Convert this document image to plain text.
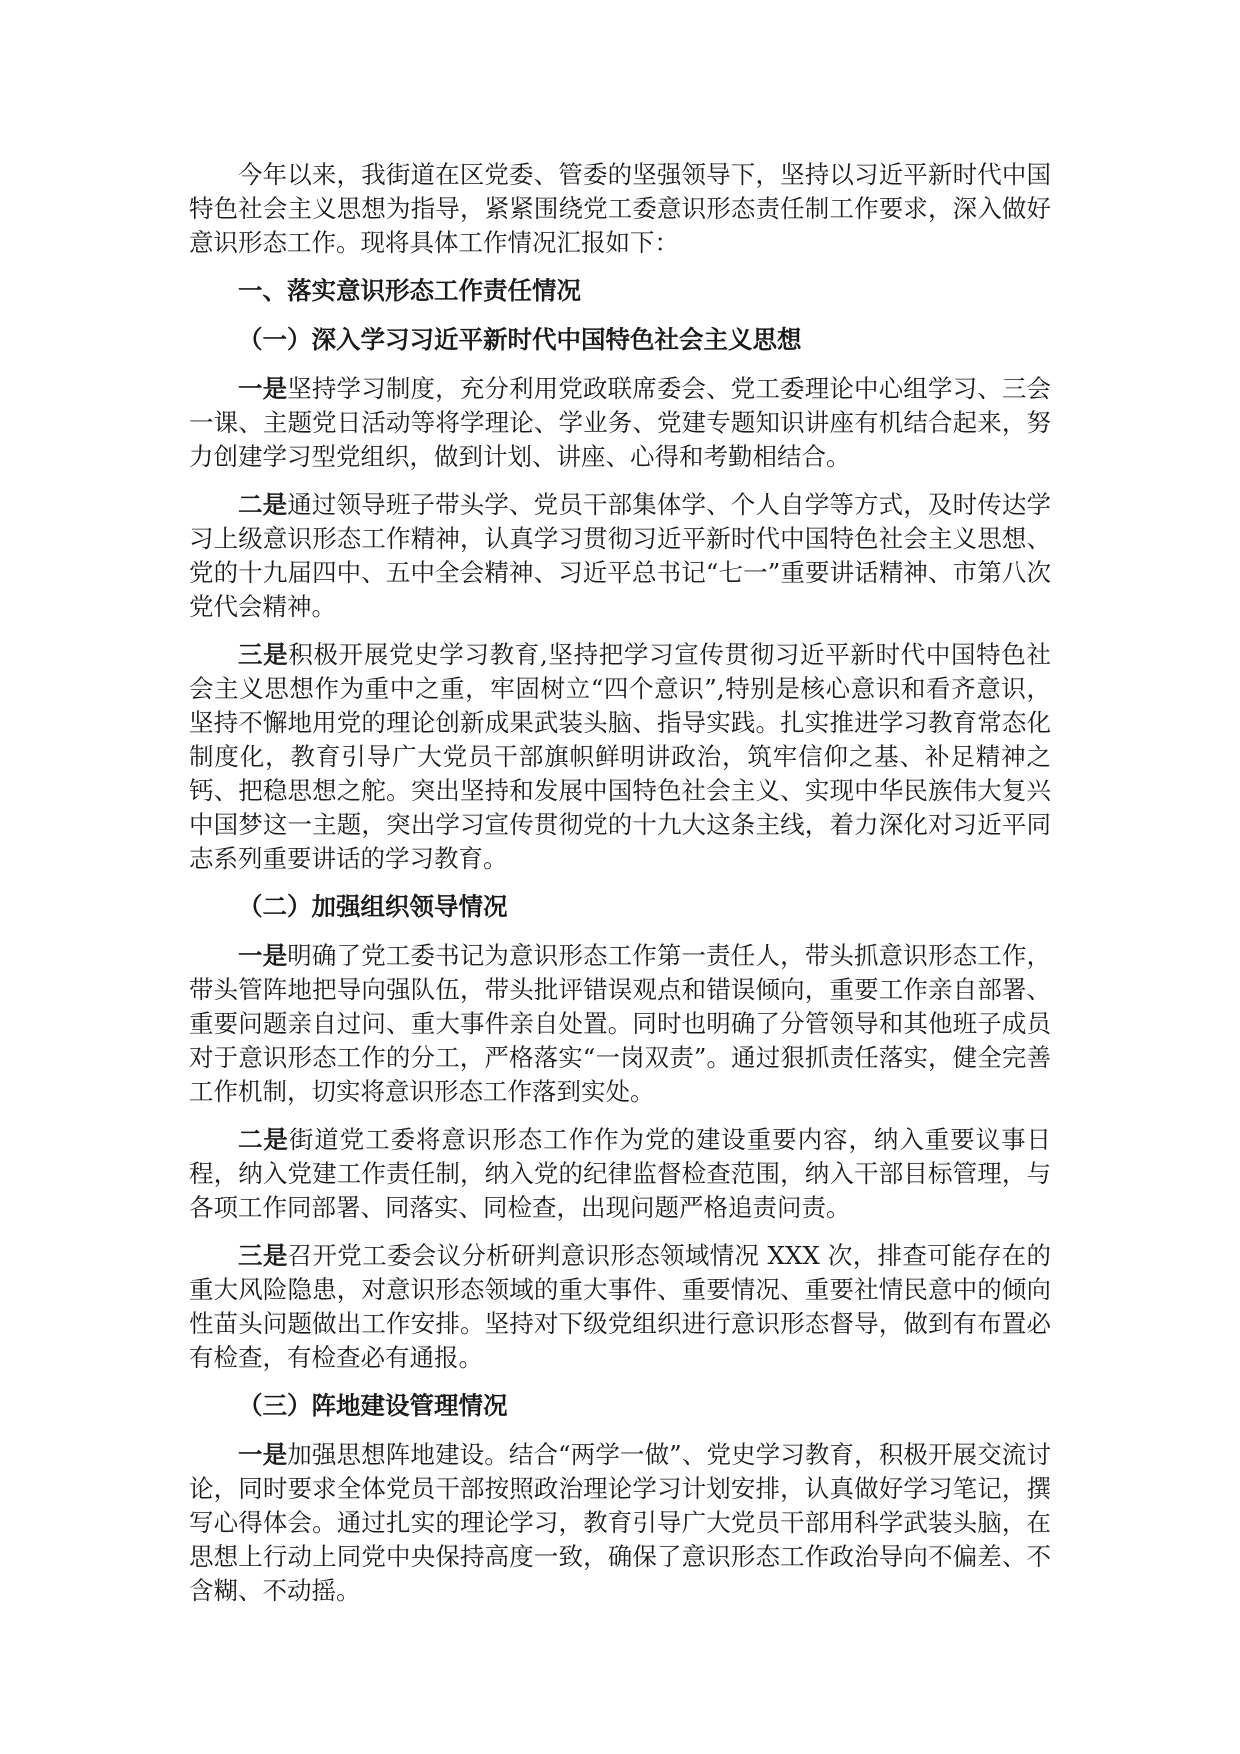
今年以来，我街道在区党委、管委的坚强领导下，坚持以习近平新时代中国特色社会主义思想为指导，紧紧围绕党工委意识形态责任制工作要求，深入做好意识形态工作。现将具体工作情况汇报如下：

一、落实意识形态工作责任情况

（一）深入学习习近平新时代中国特色社会主义思想

一是坚持学习制度，充分利用党政联席委会、党工委理论中心组学习、三会一课、主题党日活动等将学理论、学业务、党建专题知识讲座有机结合起来，努力创建学习型党组织，做到计划、讲座、心得和考勤相结合。

二是通过领导班子带头学、党员干部集体学、个人自学等方式，及时传达学习上级意识形态工作精神，认真学习贯彻习近平新时代中国特色社会主义思想、党的十九届四中、五中全会精神、习近平总书记“七一”重要讲话精神、市第八次党代会精神。

三是积极开展党史学习教育,坚持把学习宣传贯彻习近平新时代中国特色社会主义思想作为重中之重，牢固树立“四个意识”,特别是核心意识和看齐意识，坚持不懈地用党的理论创新成果武装头脑、指导实践。扎实推进学习教育常态化制度化，教育引导广大党员干部旗帜鲜明讲政治，筑牢信仰之基、补足精神之钙、把稳思想之舵。突出坚持和发展中国特色社会主义、实现中华民族伟大复兴中国梦这一主题，突出学习宣传贯彻党的十九大这条主线，着力深化对习近平同志系列重要讲话的学习教育。

（二）加强组织领导情况

一是明确了党工委书记为意识形态工作第一责任人，带头抓意识形态工作，带头管阵地把导向强队伍，带头批评错误观点和错误倾向，重要工作亲自部署、重要问题亲自过问、重大事件亲自处置。同时也明确了分管领导和其他班子成员对于意识形态工作的分工，严格落实“一岗双责”。通过狠抓责任落实，健全完善工作机制，切实将意识形态工作落到实处。

二是街道党工委将意识形态工作作为党的建设重要内容，纳入重要议事日程，纳入党建工作责任制，纳入党的纪律监督检查范围，纳入干部目标管理，与各项工作同部署、同落实、同检查，出现问题严格追责问责。

三是召开党工委会议分析研判意识形态领域情况 XXX 次，排查可能存在的重大风险隐患，对意识形态领域的重大事件、重要情况、重要社情民意中的倾向性苗头问题做出工作安排。坚持对下级党组织进行意识形态督导，做到有布置必有检查，有检查必有通报。

（三）阵地建设管理情况

一是加强思想阵地建设。结合“两学一做”、党史学习教育，积极开展交流讨论，同时要求全体党员干部按照政治理论学习计划安排，认真做好学习笔记，撰写心得体会。通过扎实的理论学习，教育引导广大党员干部用科学武装头脑，在思想上行动上同党中央保持高度一致，确保了意识形态工作政治导向不偏差、不含糊、不动摇。
